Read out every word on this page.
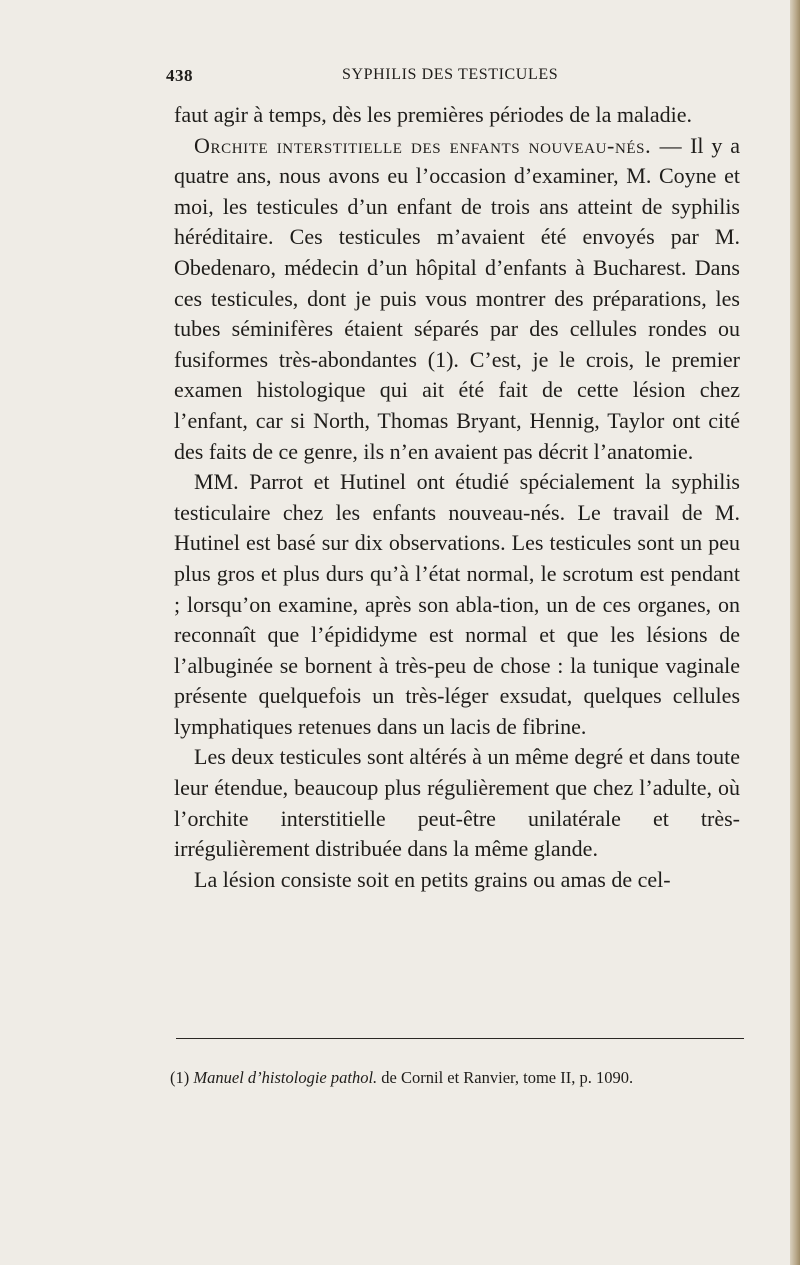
438	SYPHILIS DES TESTICULES

faut agir à temps, dès les premières périodes de la maladie.

Orchite interstitielle des enfants nouveau-nés. — Il y a quatre ans, nous avons eu l’occasion d’examiner, M. Coyne et moi, les testicules d’un enfant de trois ans atteint de syphilis héréditaire. Ces testicules m’avaient été envoyés par M. Obedenaro, médecin d’un hôpital d’enfants à Bucharest. Dans ces testicules, dont je puis vous montrer des préparations, les tubes séminifères étaient séparés par des cellules rondes ou fusiformes très-abondantes (1). C’est, je le crois, le premier examen histologique qui ait été fait de cette lésion chez l’enfant, car si North, Thomas Bryant, Hennig, Taylor ont cité des faits de ce genre, ils n’en avaient pas décrit l’anatomie.

MM. Parrot et Hutinel ont étudié spécialement la syphilis testiculaire chez les enfants nouveau-nés. Le travail de M. Hutinel est basé sur dix observations. Les testicules sont un peu plus gros et plus durs qu’à l’état normal, le scrotum est pendant ; lorsqu’on examine, après son abla-tion, un de ces organes, on reconnaît que l’épididyme est normal et que les lésions de l’albuginée se bornent à très-peu de chose : la tunique vaginale présente quelquefois un très-léger exsudat, quelques cellules lymphatiques retenues dans un lacis de fibrine.

Les deux testicules sont altérés à un même degré et dans toute leur étendue, beaucoup plus régulièrement que chez l’adulte, où l’orchite interstitielle peut-être unilatérale et très-irrégulièrement distribuée dans la même glande.

La lésion consiste soit en petits grains ou amas de cel-

(1) Manuel d’histologie pathol. de Cornil et Ranvier, tome II, p. 1090.
